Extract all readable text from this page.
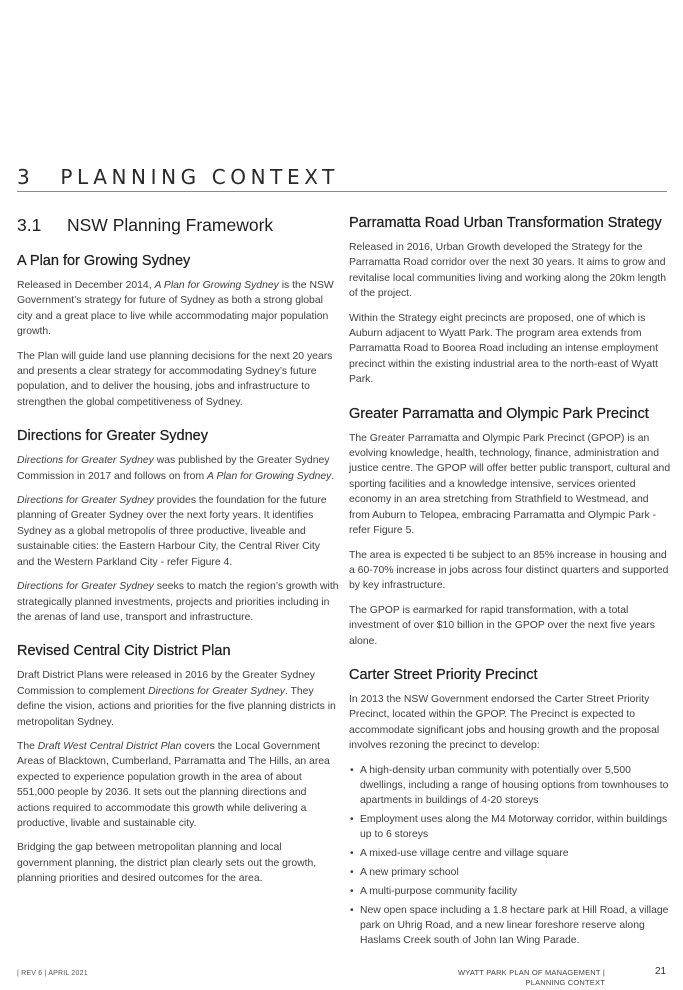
3 PLANNING CONTEXT
3.1 NSW Planning Framework
A Plan for Growing Sydney

Released in December 2014, A Plan for Growing Sydney is the NSW Government’s strategy for future of Sydney as both a strong global city and a great place to live while accommodating major population growth.

The Plan will guide land use planning decisions for the next 20 years and presents a clear strategy for accommodating Sydney’s future population, and to deliver the housing, jobs and infrastructure to strengthen the global competitiveness of Sydney.

Directions for Greater Sydney

Directions for Greater Sydney was published by the Greater Sydney Commission in 2017 and follows on from A Plan for Growing Sydney.

Directions for Greater Sydney provides the foundation for the future planning of Greater Sydney over the next forty years. It identifies Sydney as a global metropolis of three productive, liveable and sustainable cities: the Eastern Harbour City, the Central River City and the Western Parkland City - refer Figure 4.

Directions for Greater Sydney seeks to match the region’s growth with strategically planned investments, projects and priorities including in the arenas of land use, transport and infrastructure.

Revised Central City District Plan

Draft District Plans were released in 2016 by the Greater Sydney Commission to complement Directions for Greater Sydney. They define the vision, actions and priorities for the five planning districts in metropolitan Sydney.

The Draft West Central District Plan covers the Local Government Areas of Blacktown, Cumberland, Parramatta and The Hills, an area expected to experience population growth in the area of about 551,000 people by 2036. It sets out the planning directions and actions required to accommodate this growth while delivering a productive, livable and sustainable city.

Bridging the gap between metropolitan planning and local government planning, the district plan clearly sets out the growth, planning priorities and desired outcomes for the area.

Parramatta Road Urban Transformation Strategy

Released in 2016, Urban Growth developed the Strategy for the Parramatta Road corridor over the next 30 years. It aims to grow and revitalise local communities living and working along the 20km length of the project.

Within the Strategy eight precincts are proposed, one of which is Auburn adjacent to Wyatt Park. The program area extends from Parramatta Road to Boorea Road including an intense employment precinct within the existing industrial area to the north-east of Wyatt Park.

Greater Parramatta and Olympic Park Precinct

The Greater Parramatta and Olympic Park Precinct (GPOP) is an evolving knowledge, health, technology, finance, administration and justice centre. The GPOP will offer better public transport, cultural and sporting facilities and a knowledge intensive, services oriented economy in an area stretching from Strathfield to Westmead, and from Auburn to Telopea, embracing Parramatta and Olympic Park - refer Figure 5.

The area is expected ti be subject to an 85% increase in housing and a 60-70% increase in jobs across four distinct quarters and supported by key infrastructure.

The GPOP is earmarked for rapid transformation, with a total investment of over $10 billion in the GPOP over the next five years alone.

Carter Street Priority Precinct

In 2013 the NSW Government endorsed the Carter Street Priority Precinct, located within the GPOP. The Precinct is expected to accommodate significant jobs and housing growth and the proposal involves rezoning the precinct to develop:

• A high-density urban community with potentially over 5,500 dwellings, including a range of housing options from townhouses to apartments in buildings of 4-20 storeys
• Employment uses along the M4 Motorway corridor, within buildings up to 6 storeys
• A mixed-use village centre and village square
• A new primary school
• A multi-purpose community facility
• New open space including a 1.8 hectare park at Hill Road, a village park on Uhrig Road, and a new linear foreshore reserve along Haslams Creek south of John Ian Wing Parade.
| REV 6 | APRIL 2021	WYATT PARK PLAN OF MANAGEMENT |
PLANNING CONTEXT
21
